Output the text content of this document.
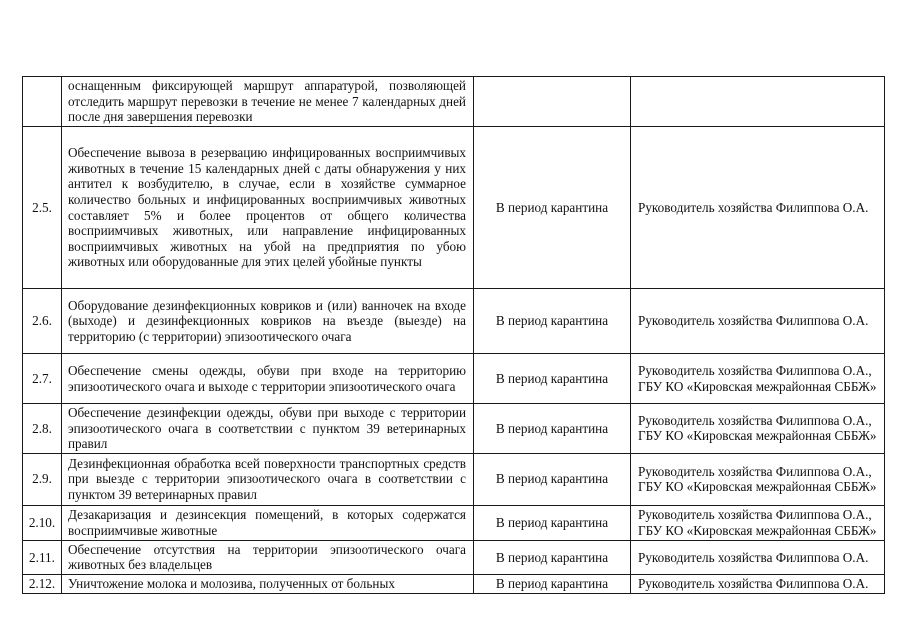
	оснащенным фиксирующей маршрут аппаратурой, позволяющей отследить маршрут перевозки в течение не менее 7 календарных дней после дня завершения перевозки		
2.5.	Обеспечение вывоза в резервацию инфицированных восприимчивых животных в течение 15 календарных дней с даты обнаружения у них антител к возбудителю, в случае, если в хозяйстве суммарное количество больных и инфицированных восприимчивых животных составляет 5% и более процентов от общего количества восприимчивых животных, или направление инфицированных восприимчивых животных на убой на предприятия по убою животных или оборудованные для этих целей убойные пункты	В период карантина	Руководитель хозяйства Филиппова О.А.

2.6.	Оборудование дезинфекционных ковриков и (или) ванночек на входе (выходе) и дезинфекционных ковриков на въезде (выезде) на территорию (с территории) эпизоотического очага	В период карантина	Руководитель хозяйства Филиппова О.А.

2.7.	Обеспечение смены одежды, обуви при входе на территорию эпизоотического очага и выходе с территории эпизоотического очага	В период карантина	Руководитель хозяйства Филиппова О.А.,
ГБУ КО «Кировская межрайонная СББЖ»

2.8.	Обеспечение дезинфекции одежды, обуви при выходе с территории эпизоотического очага в соответствии с пунктом 39 ветеринарных правил	В период карантина	Руководитель хозяйства Филиппова О.А.,
ГБУ КО «Кировская межрайонная СББЖ»

2.9.	Дезинфекционная обработка всей поверхности транспортных средств при выезде с территории эпизоотического очага в соответствии с пунктом 39 ветеринарных правил	В период карантина	Руководитель хозяйства Филиппова О.А.,
ГБУ КО «Кировская межрайонная СББЖ»

2.10.	Дезакаризация и дезинсекция помещений, в которых содержатся восприимчивые животные	В период карантина	Руководитель хозяйства Филиппова О.А.,
ГБУ КО «Кировская межрайонная СББЖ»

2.11.	Обеспечение отсутствия на территории эпизоотического очага животных без владельцев	В период карантина	Руководитель хозяйства Филиппова О.А.

2.12.	Уничтожение молока и молозива, полученных от больных	В период карантина	Руководитель хозяйства Филиппова О.А.
